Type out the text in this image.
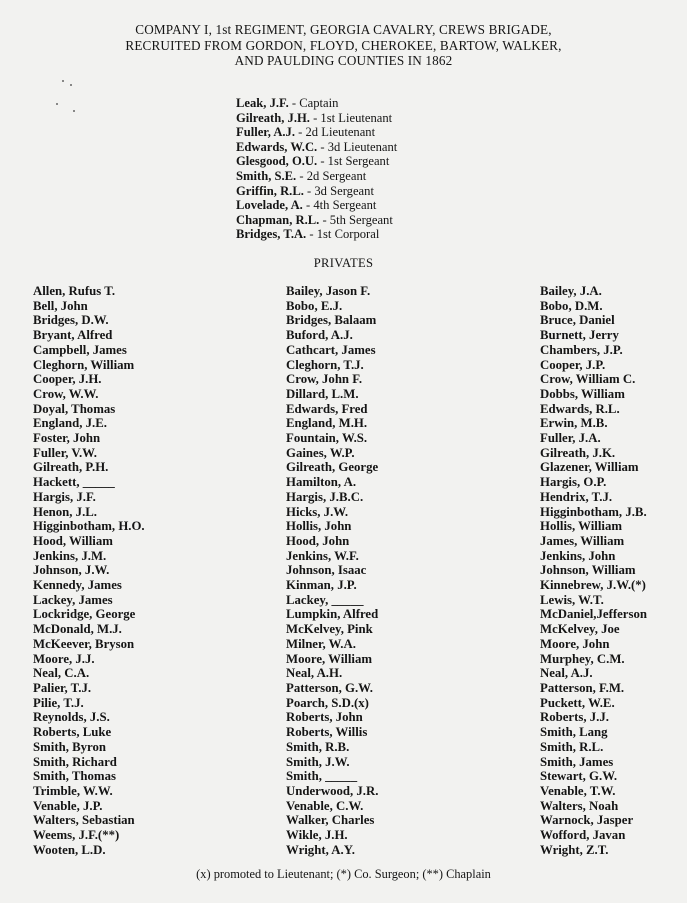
COMPANY I, 1st REGIMENT, GEORGIA CAVALRY, CREWS BRIGADE,
RECRUITED FROM GORDON, FLOYD, CHEROKEE, BARTOW, WALKER,
AND PAULDING COUNTIES IN 1862
Leak, J.F. - Captain
Gilreath, J.H. - 1st Lieutenant
Fuller, A.J. - 2d Lieutenant
Edwards, W.C. - 3d Lieutenant
Glesgood, O.U. - 1st Sergeant
Smith, S.E. - 2d Sergeant
Griffin, R.L. - 3d Sergeant
Lovelade, A. - 4th Sergeant
Chapman, R.L. - 5th Sergeant
Bridges, T.A. - 1st Corporal
PRIVATES
Allen, Rufus T.
Bell, John
Bridges, D.W.
Bryant, Alfred
Campbell, James
Cleghorn, William
Cooper, J.H.
Crow, W.W.
Doyal, Thomas
England, J.E.
Foster, John
Fuller, V.W.
Gilreath, P.H.
Hackett, _____
Hargis, J.F.
Henon, J.L.
Higginbotham, H.O.
Hood, William
Jenkins, J.M.
Johnson, J.W.
Kennedy, James
Lackey, James
Lockridge, George
McDonald, M.J.
McKeever, Bryson
Moore, J.J.
Neal, C.A.
Palier, T.J.
Pilie, T.J.
Reynolds, J.S.
Roberts, Luke
Smith, Byron
Smith, Richard
Smith, Thomas
Trimble, W.W.
Venable, J.P.
Walters, Sebastian
Weems, J.F.(**)
Wooten, L.D.
Bailey, Jason F.
Bobo, E.J.
Bridges, Balaam
Buford, A.J.
Cathcart, James
Cleghorn, T.J.
Crow, John F.
Dillard, L.M.
Edwards, Fred
England, M.H.
Fountain, W.S.
Gaines, W.P.
Gilreath, George
Hamilton, A.
Hargis, J.B.C.
Hicks, J.W.
Hollis, John
Hood, John
Jenkins, W.F.
Johnson, Isaac
Kinman, J.P.
Lackey, _____
Lumpkin, Alfred
McKelvey, Pink
Milner, W.A.
Moore, William
Neal, A.H.
Patterson, G.W.
Poarch, S.D.(x)
Roberts, John
Roberts, Willis
Smith, R.B.
Smith, J.W.
Smith, _____
Underwood, J.R.
Venable, C.W.
Walker, Charles
Wikle, J.H.
Wright, A.Y.
Bailey, J.A.
Bobo, D.M.
Bruce, Daniel
Burnett, Jerry
Chambers, J.P.
Cooper, J.P.
Crow, William C.
Dobbs, William
Edwards, R.L.
Erwin, M.B.
Fuller, J.A.
Gilreath, J.K.
Glazener, William
Hargis, O.P.
Hendrix, T.J.
Higginbotham, J.B.
Hollis, William
James, William
Jenkins, John
Johnson, William
Kinnebrew, J.W.(*)
Lewis, W.T.
McDaniel,Jefferson
McKelvey, Joe
Moore, John
Murphey, C.M.
Neal, A.J.
Patterson, F.M.
Puckett, W.E.
Roberts, J.J.
Smith, Lang
Smith, R.L.
Smith, James
Stewart, G.W.
Venable, T.W.
Walters, Noah
Warnock, Jasper
Wofford, Javan
Wright, Z.T.
(x) promoted to Lieutenant; (*) Co. Surgeon; (**) Chaplain
